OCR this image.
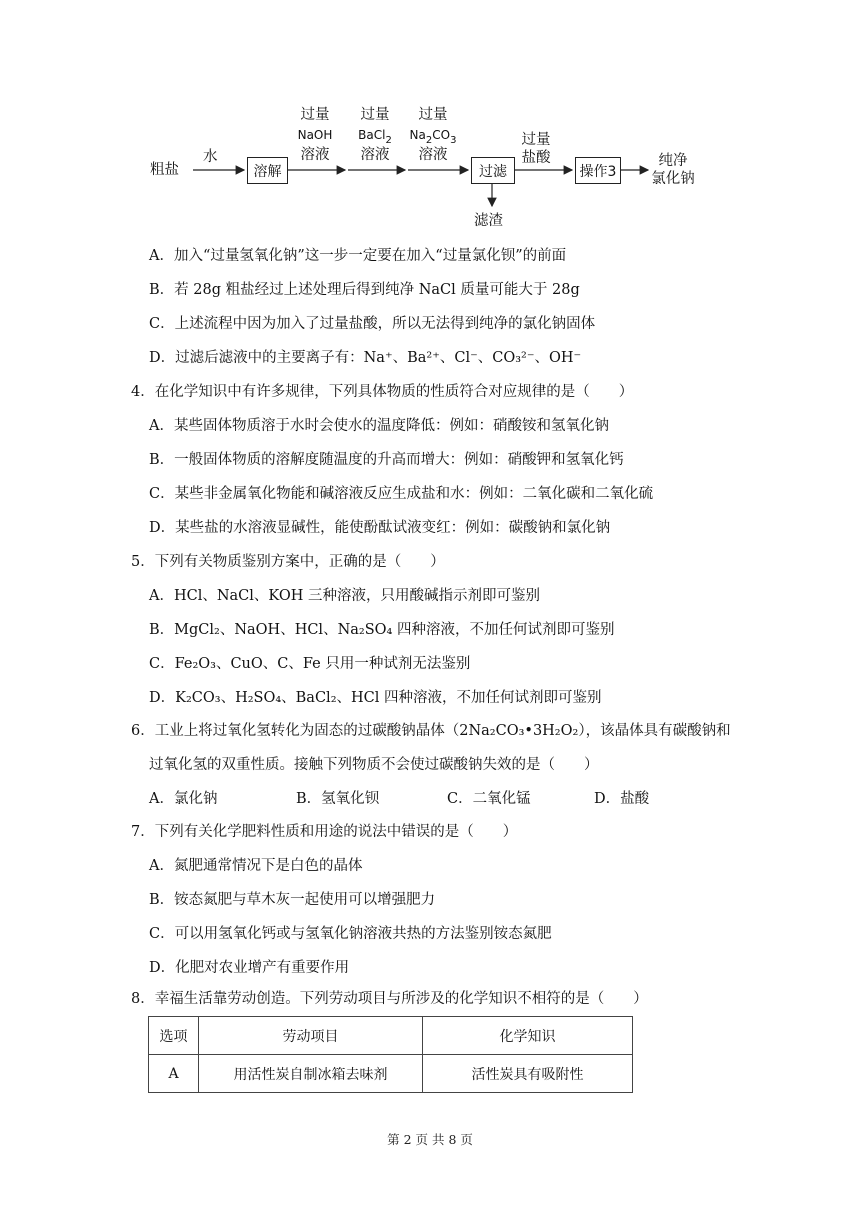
粗盐
水
溶解
过量
NaOH
溶液
过量
BaCl$_2$
溶液
过量
$Na_2CO_3$
溶液
过滤
滤渣
过量
盐酸
操作3
纯净
氯化钠
A．加入“过量氢氧化钠”这一步一定要在加入“过量氯化钡”的前面
B．若 28g 粗盐经过上述处理后得到纯净 NaCl 质量可能大于 28g
C．上述流程中因为加入了过量盐酸，所以无法得到纯净的氯化钠固体
D．过滤后滤液中的主要离子有：Na⁺、Ba²⁺、Cl⁻、CO₃²⁻、OH⁻
4．在化学知识中有许多规律，下列具体物质的性质符合对应规律的是（　　）
A．某些固体物质溶于水时会使水的温度降低：例如：硝酸铵和氢氧化钠
B．一般固体物质的溶解度随温度的升高而增大：例如：硝酸钾和氢氧化钙
C．某些非金属氧化物能和碱溶液反应生成盐和水：例如：二氧化碳和二氧化硫
D．某些盐的水溶液显碱性，能使酚酞试液变红：例如：碳酸钠和氯化钠
5．下列有关物质鉴别方案中，正确的是（　　）
A．HCl、NaCl、KOH 三种溶液，只用酸碱指示剂即可鉴别
B．MgCl₂、NaOH、HCl、Na₂SO₄ 四种溶液，不加任何试剂即可鉴别
C．Fe₂O₃、CuO、C、Fe 只用一种试剂无法鉴别
D．K₂CO₃、H₂SO₄、BaCl₂、HCl 四种溶液，不加任何试剂即可鉴别
6．工业上将过氧化氢转化为固态的过碳酸钠晶体（2Na₂CO₃•3H₂O₂），该晶体具有碳酸钠和
过氧化氢的双重性质。接触下列物质不会使过碳酸钠失效的是（　　）
A．氯化钠	B．氢氧化钡	C．二氧化锰	D．盐酸
7．下列有关化学肥料性质和用途的说法中错误的是（　　）
A．氮肥通常情况下是白色的晶体
B．铵态氮肥与草木灰一起使用可以增强肥力
C．可以用氢氧化钙或与氢氧化钠溶液共热的方法鉴别铵态氮肥
D．化肥对农业增产有重要作用
8．幸福生活靠劳动创造。下列劳动项目与所涉及的化学知识不相符的是（　　）
选项	劳动项目	化学知识
A	用活性炭自制冰箱去味剂	活性炭具有吸附性
第 2 页 共 8 页
